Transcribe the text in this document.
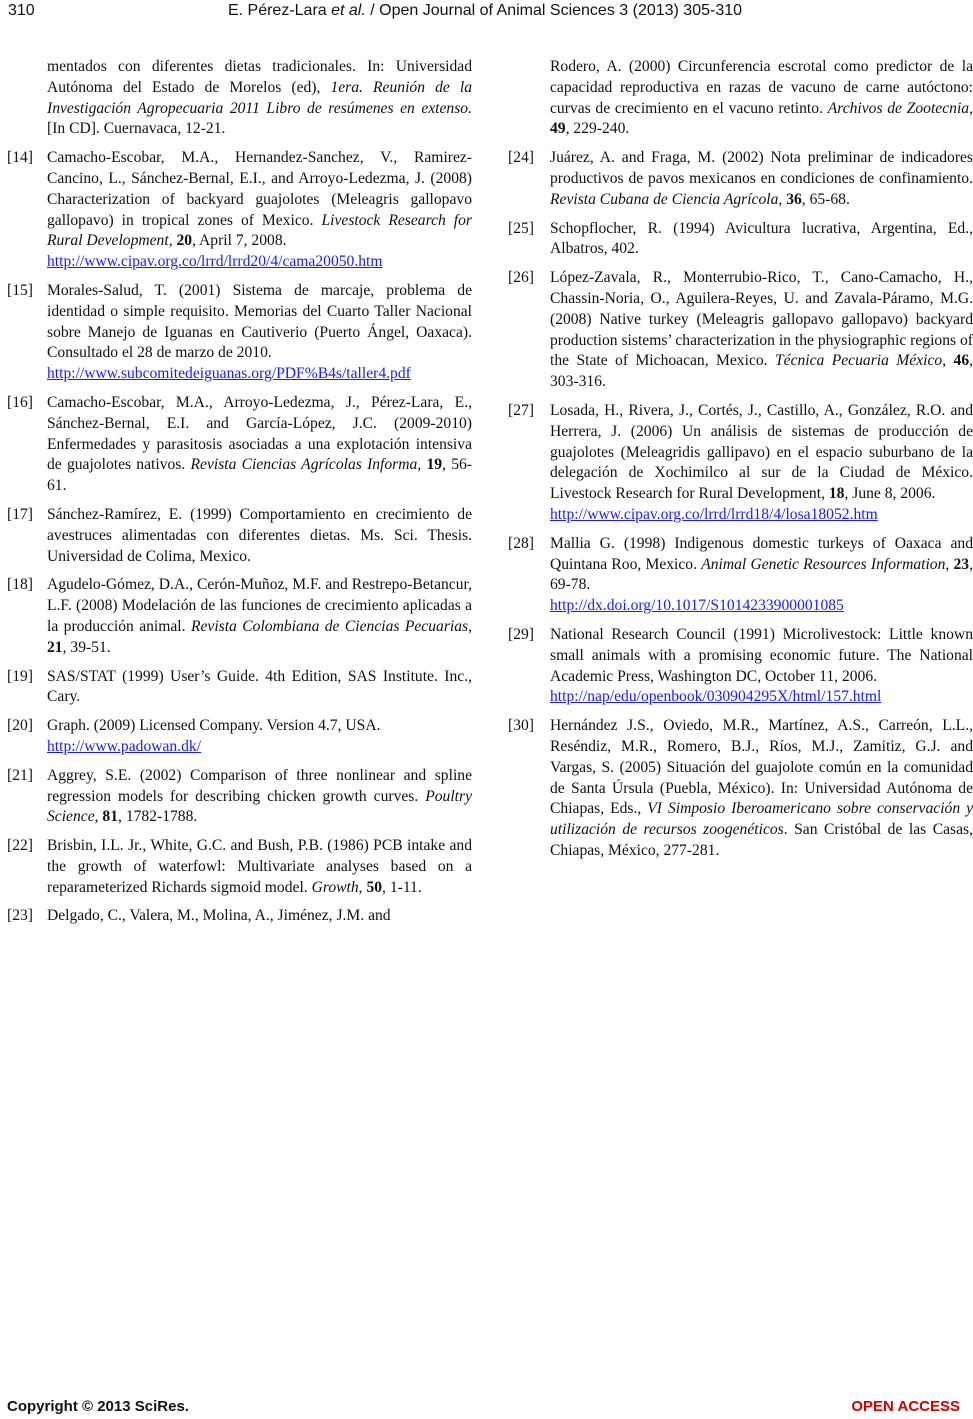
310	E. Pérez-Lara et al. / Open Journal of Animal Sciences 3 (2013) 305-310
mentados con diferentes dietas tradicionales. In: Universidad Autónoma del Estado de Morelos (ed), 1era. Reunión de la Investigación Agropecuaria 2011 Libro de resúmenes en extenso. [In CD]. Cuernavaca, 12-21.
[14] Camacho-Escobar, M.A., Hernandez-Sanchez, V., Ramirez-Cancino, L., Sánchez-Bernal, E.I., and Arroyo-Ledezma, J. (2008) Characterization of backyard guajolotes (Meleagris gallopavo gallopavo) in tropical zones of Mexico. Livestock Research for Rural Development, 20, April 7, 2008.
http://www.cipav.org.co/lrrd/lrrd20/4/cama20050.htm
[15] Morales-Salud, T. (2001) Sistema de marcaje, problema de identidad o simple requisito. Memorias del Cuarto Taller Nacional sobre Manejo de Iguanas en Cautiverio (Puerto Ángel, Oaxaca). Consultado el 28 de marzo de 2010.
http://www.subcomitedeiguanas.org/PDF%B4s/taller4.pdf
[16] Camacho-Escobar, M.A., Arroyo-Ledezma, J., Pérez-Lara, E., Sánchez-Bernal, E.I. and García-López, J.C. (2009-2010) Enfermedades y parasitosis asociadas a una explotación intensiva de guajolotes nativos. Revista Ciencias Agrícolas Informa, 19, 56-61.
[17] Sánchez-Ramírez, E. (1999) Comportamiento en crecimiento de avestruces alimentadas con diferentes dietas. Ms. Sci. Thesis. Universidad de Colima, Mexico.
[18] Agudelo-Gómez, D.A., Cerón-Muñoz, M.F. and Restrepo-Betancur, L.F. (2008) Modelación de las funciones de crecimiento aplicadas a la producción animal. Revista Colombiana de Ciencias Pecuarias, 21, 39-51.
[19] SAS/STAT (1999) User’s Guide. 4th Edition, SAS Institute. Inc., Cary.
[20] Graph. (2009) Licensed Company. Version 4.7, USA.
http://www.padowan.dk/
[21] Aggrey, S.E. (2002) Comparison of three nonlinear and spline regression models for describing chicken growth curves. Poultry Science, 81, 1782-1788.
[22] Brisbin, I.L. Jr., White, G.C. and Bush, P.B. (1986) PCB intake and the growth of waterfowl: Multivariate analyses based on a reparameterized Richards sigmoid model. Growth, 50, 1-11.
[23] Delgado, C., Valera, M., Molina, A., Jiménez, J.M. and
Rodero, A. (2000) Circunferencia escrotal como predictor de la capacidad reproductiva en razas de vacuno de carne autóctono: curvas de crecimiento en el vacuno retinto. Archivos de Zootecnia, 49, 229-240.
[24]	Juárez, A. and Fraga, M. (2002) Nota preliminar de indicadores productivos de pavos mexicanos en condiciones de confinamiento. Revista Cubana de Ciencia Agrícola, 36, 65-68.
[25]	Schopflocher, R. (1994) Avicultura lucrativa, Argentina, Ed., Albatros, 402.
[26]	López-Zavala, R., Monterrubio-Rico, T., Cano-Camacho, H., Chassin-Noria, O., Aguilera-Reyes, U. and Zavala-Páramo, M.G. (2008) Native turkey (Meleagris gallopavo gallopavo) backyard production sistems’ characterization in the physiographic regions of the State of Michoacan, Mexico. Técnica Pecuaria México, 46, 303-316.
[27]	Losada, H., Rivera, J., Cortés, J., Castillo, A., González, R.O. and Herrera, J. (2006) Un análisis de sistemas de producción de guajolotes (Meleagridis gallipavo) en el espacio suburbano de la delegación de Xochimilco al sur de la Ciudad de México. Livestock Research for Rural Development, 18, June 8, 2006.
http://www.cipav.org.co/lrrd/lrrd18/4/losa18052.htm
[28]	Mallia G. (1998) Indigenous domestic turkeys of Oaxaca and Quintana Roo, Mexico. Animal Genetic Resources Information, 23, 69-78.
http://dx.doi.org/10.1017/S1014233900001085
[29]	National Research Council (1991) Microlivestock: Little known small animals with a promising economic future. The National Academic Press, Washington DC, October 11, 2006.
http://nap/edu/openbook/030904295X/html/157.html
[30]	Hernández J.S., Oviedo, M.R., Martínez, A.S., Carreón, L.L., Reséndiz, M.R., Romero, B.J., Ríos, M.J., Zamitiz, G.J. and Vargas, S. (2005) Situación del guajolote común en la comunidad de Santa Úrsula (Puebla, México). In: Universidad Autónoma de Chiapas, Eds., VI Simposio Iberoamericano sobre conservación y utilización de recursos zoogenéticos. San Cristóbal de las Casas, Chiapas, México, 277-281.
Copyright © 2013 SciRes.	OPEN ACCESS
